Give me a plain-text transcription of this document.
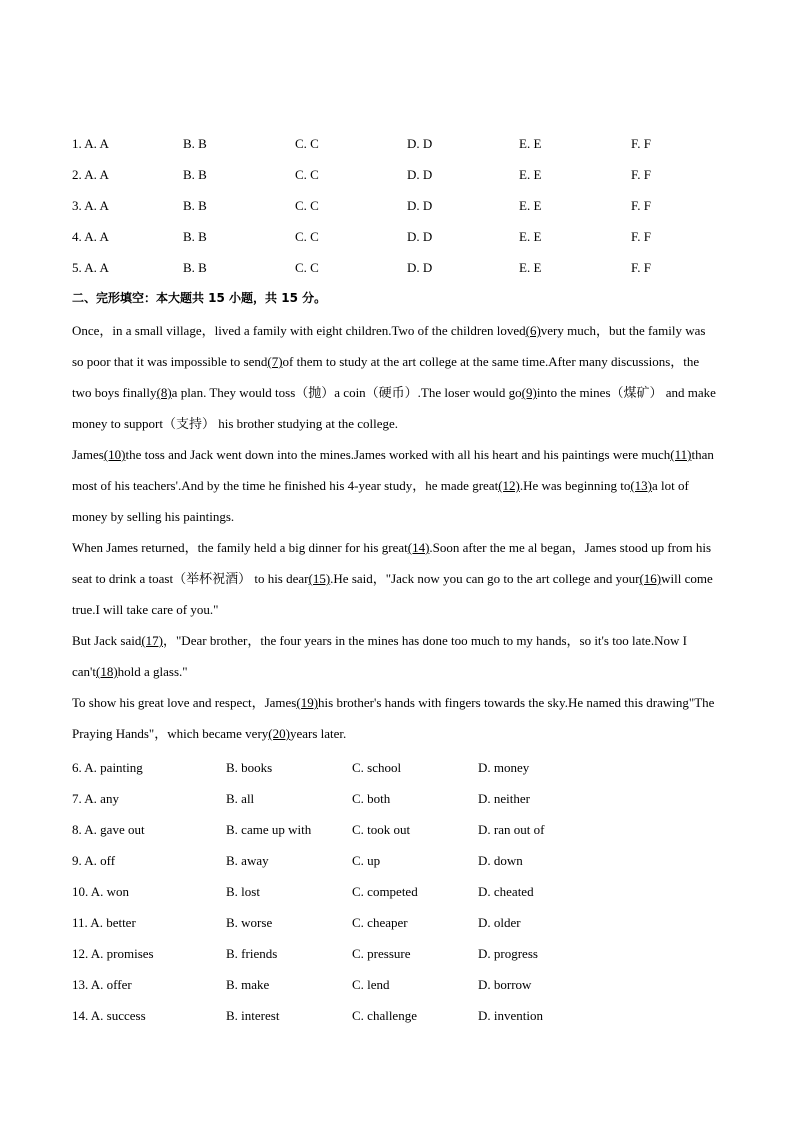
1. A. A	B. B	C. C	D. D	E. E	F. F
2. A. A	B. B	C. C	D. D	E. E	F. F
3. A. A	B. B	C. C	D. D	E. E	F. F
4. A. A	B. B	C. C	D. D	E. E	F. F
5. A. A	B. B	C. C	D. D	E. E	F. F
二、完形填空：本大题共 15 小题，共 15 分。

Once，in a small village，lived a family with eight children.Two of the children loved(6)very much，but the family was so poor that it was impossible to send(7)of them to study at the art college at the same time.After many discussions，the two boys finally(8)a plan. They would toss（抛）a coin（硬币）.The loser would go(9)into the mines（煤矿） and make money to support（支持） his brother studying at the college.

James(10)the toss and Jack went down into the mines.James worked with all his heart and his paintings were much(11)than most of his teachers'.And by the time he finished his 4-year study，he made great(12).He was beginning to(13)a lot of money by selling his paintings.

When James returned，the family held a big dinner for his great(14).Soon after the me al began，James stood up from his seat to drink a toast（举杯祝酒） to his dear(15).He said，"Jack now you can go to the art college and your(16)will come true.I will take care of you."

But Jack said(17)，"Dear brother，the four years in the mines has done too much to my hands，so it's too late.Now I can't(18)hold a glass."

To show his great love and respect，James(19)his brother's hands with fingers towards the sky.He named this drawing"The Praying Hands"，which became very(20)years later.

6. A. painting	B. books	C. school	D. money
7. A. any	B. all	C. both	D. neither
8. A. gave out	B. came up with	C. took out	D. ran out of
9. A. off	B. away	C. up	D. down
10. A. won	B. lost	C. competed	D. cheated
11. A. better	B. worse	C. cheaper	D. older
12. A. promises	B. friends	C. pressure	D. progress
13. A. offer	B. make	C. lend	D. borrow
14. A. success	B. interest	C. challenge	D. invention
